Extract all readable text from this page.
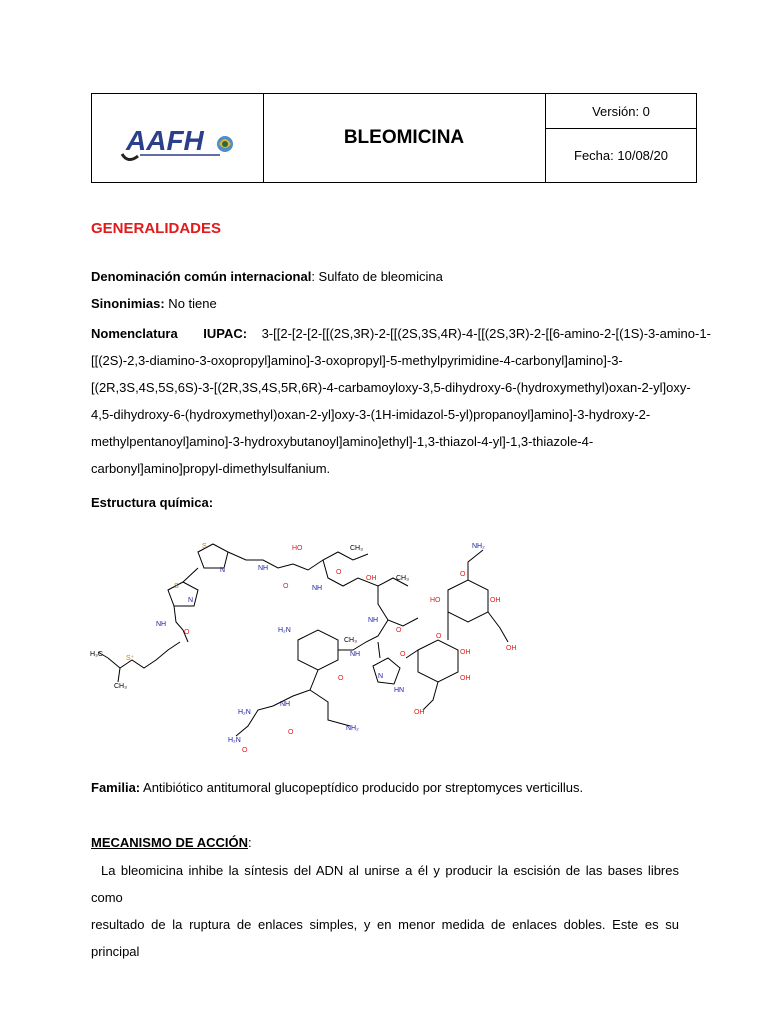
AAFH	BLEOMICINA
Versión: 0
Fecha: 10/08/20
GENERALIDADES
Denominación común internacional: Sulfato de bleomicina
Sinonimias: No tiene
Nomenclatura IUPAC: 3-[[2-[2-[2-[[(2S,3R)-2-[[(2S,3S,4R)-4-[[(2S,3R)-2-[[6-amino-2-[(1S)-3-amino-1-
[[(2S)-2,3-diamino-3-oxopropyl]amino]-3-oxopropyl]-5-methylpyrimidine-4-carbonyl]amino]-3-
[(2R,3S,4S,5S,6S)-3-[(2R,3S,4S,5R,6R)-4-carbamoyloxy-3,5-dihydroxy-6-(hydroxymethyl)oxan-2-yl]oxy-
4,5-dihydroxy-6-(hydroxymethyl)oxan-2-yl]oxy-3-(1H-imidazol-5-yl)propanoyl]amino]-3-hydroxy-2-
methylpentanoyl]amino]-3-hydroxybutanoyl]amino]ethyl]-1,3-thiazol-4-yl]-1,3-thiazole-4-
carbonyl]amino]propyl-dimethylsulfanium.
Estructura química:
H₃C
CH₃
S⁺
NH
O
S
S
N
N	NH
O
HO	CH₃
NH
O
OH	CH₃
NH
O
H₂N
CH₃
NH
O	N
HN
O
NH
H₂N
H₂N
O
O
NH₂
O
OH
OH
OH
HO
NH₂
O
OH
OH
Familia: Antibiótico antitumoral glucopeptídico producido por streptomyces verticillus.
MECANISMO DE ACCIÓN:
La bleomicina inhibe la síntesis del ADN al unirse a él y producir la escisión de las bases libres como
resultado de la ruptura de enlaces simples, y en menor medida de enlaces dobles. Este es su principal
